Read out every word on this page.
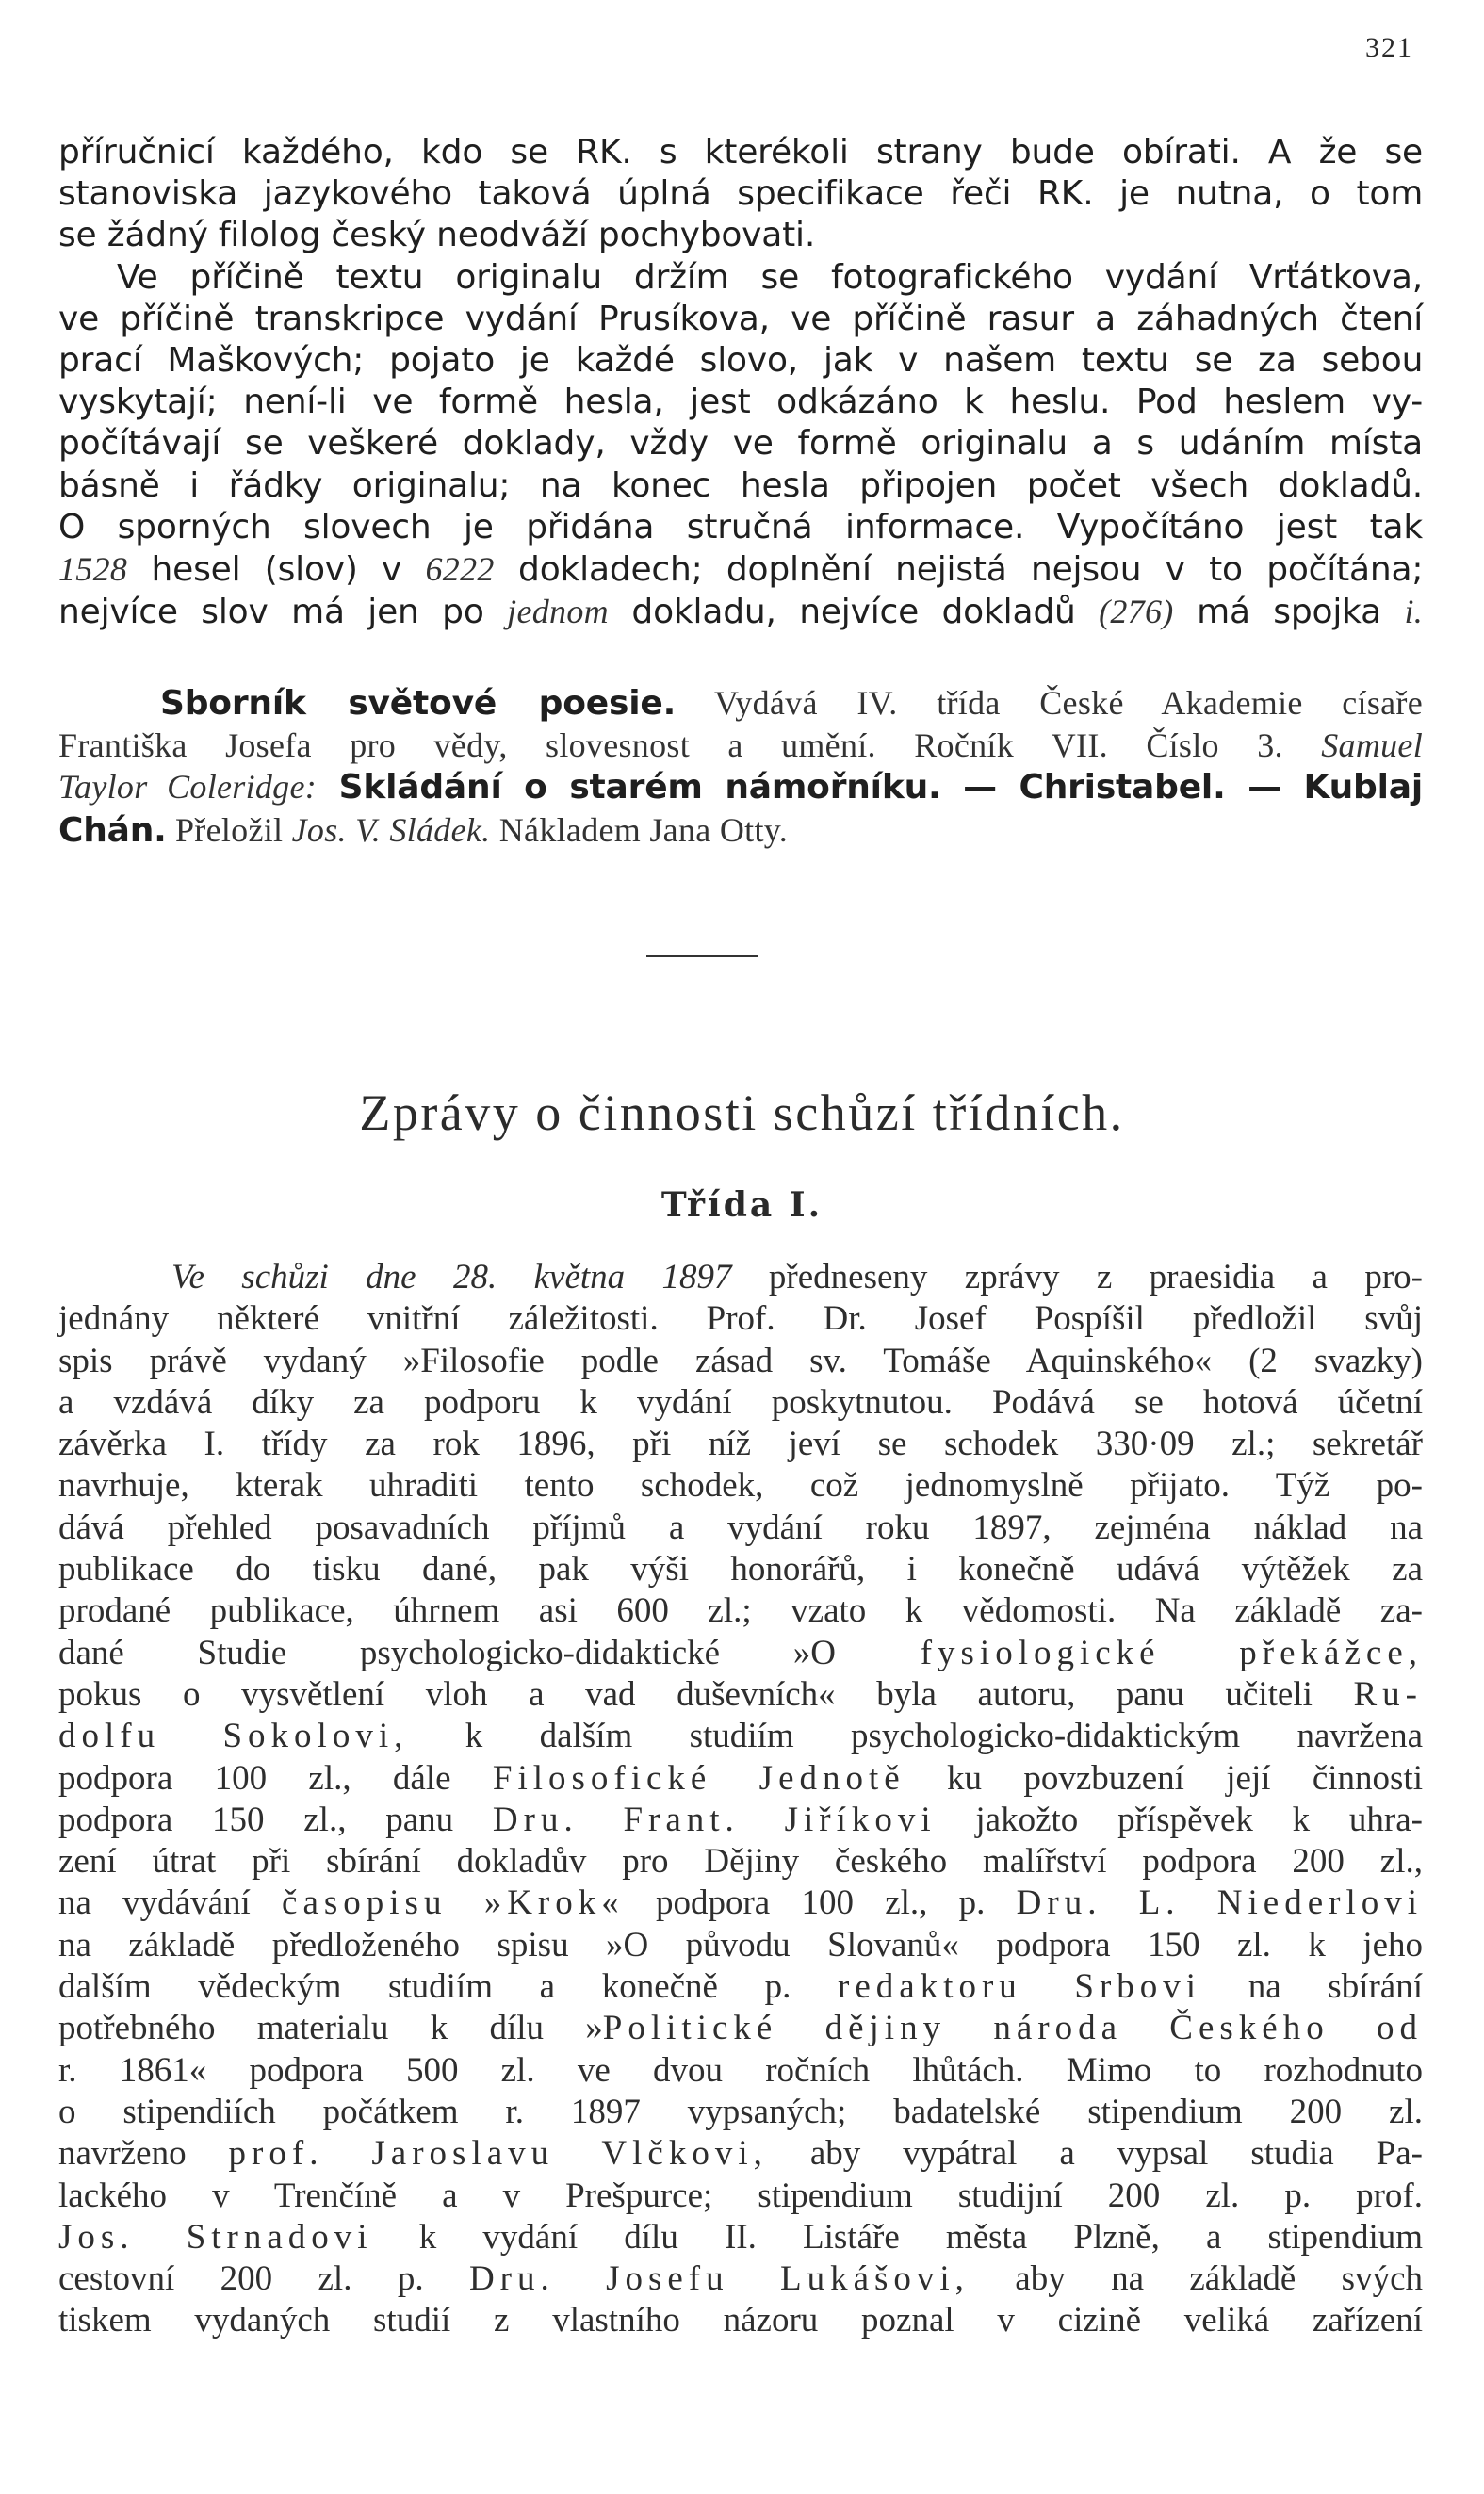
321
příručnicí každého, kdo se RK. s kterékoli strany bude obírati. A že se
stanoviska jazykového taková úplná specifikace řeči RK. je nutna, o tom
se žádný filolog český neodváží pochybovati.
Ve příčině textu originalu držím se fotografického vydání Vrťátkova,
ve příčině transkripce vydání Prusíkova, ve příčině rasur a záhadných čtení
prací Maškových; pojato je každé slovo, jak v našem textu se za sebou
vyskytají; není-li ve formě hesla, jest odkázáno k heslu. Pod heslem vy-
počítávají se veškeré doklady, vždy ve formě originalu a s udáním místa
básně i řádky originalu; na konec hesla připojen počet všech dokladů.
O sporných slovech je přidána stručná informace. Vypočítáno jest tak
1528 hesel (slov) v 6222 dokladech; doplnění nejistá nejsou v to počítána;
nejvíce slov má jen po jednom dokladu, nejvíce dokladů (276) má spojka i.
Sborník světové poesie. Vydává IV. třída České Akademie císaře
Františka Josefa pro vědy, slovesnost a umění. Ročník VII. Číslo 3. Samuel
Taylor Coleridge: Skládání o starém námořníku. — Christabel. — Kublaj
Chán. Přeložil Jos. V. Sládek. Nákladem Jana Otty.
Zprávy o činnosti schůzí třídních.
Třída I.
Ve schůzi dne 28. května 1897 předneseny zprávy z praesidia a pro-
jednány některé vnitřní záležitosti. Prof. Dr. Josef Pospíšil předložil svůj
spis právě vydaný »Filosofie podle zásad sv. Tomáše Aquinského« (2 svazky)
a vzdává díky za podporu k vydání poskytnutou. Podává se hotová účetní
závěrka I. třídy za rok 1896, při níž jeví se schodek 330·09 zl.; sekretář
navrhuje, kterak uhraditi tento schodek, což jednomyslně přijato. Týž po-
dává přehled posavadních příjmů a vydání roku 1897, zejména náklad na
publikace do tisku dané, pak výši honorářů, i konečně udává výtěžek za
prodané publikace, úhrnem asi 600 zl.; vzato k vědomosti. Na základě za-
dané Studie psychologicko-didaktické »O fysiologické překážce,
pokus o vysvětlení vloh a vad duševních« byla autoru, panu učiteli Ru-
dolfu Sokolovi, k dalším studiím psychologicko-didaktickým navržena
podpora 100 zl., dále Filosofické Jednotě ku povzbuzení její činnosti
podpora 150 zl., panu Dru. Frant. Jiříkovi jakožto příspěvek k uhra-
zení útrat při sbírání dokladův pro Dějiny českého malířství podpora 200 zl.,
na vydávání časopisu »Krok« podpora 100 zl., p. Dru. L. Niederlovi
na základě předloženého spisu »O původu Slovanů« podpora 150 zl. k jeho
dalším vědeckým studiím a konečně p. redaktoru Srbovi na sbírání
potřebného materialu k dílu »Politické dějiny národa Českého od
r. 1861« podpora 500 zl. ve dvou ročních lhůtách. Mimo to rozhodnuto
o stipendiích počátkem r. 1897 vypsaných; badatelské stipendium 200 zl.
navrženo prof. Jaroslavu Vlčkovi, aby vypátral a vypsal studia Pa-
lackého v Trenčíně a v Prešpurce; stipendium studijní 200 zl. p. prof.
Jos. Strnadovi k vydání dílu II. Listáře města Plzně, a stipendium
cestovní 200 zl. p. Dru. Josefu Lukášovi, aby na základě svých
tiskem vydaných studií z vlastního názoru poznal v cizině veliká zařízení
